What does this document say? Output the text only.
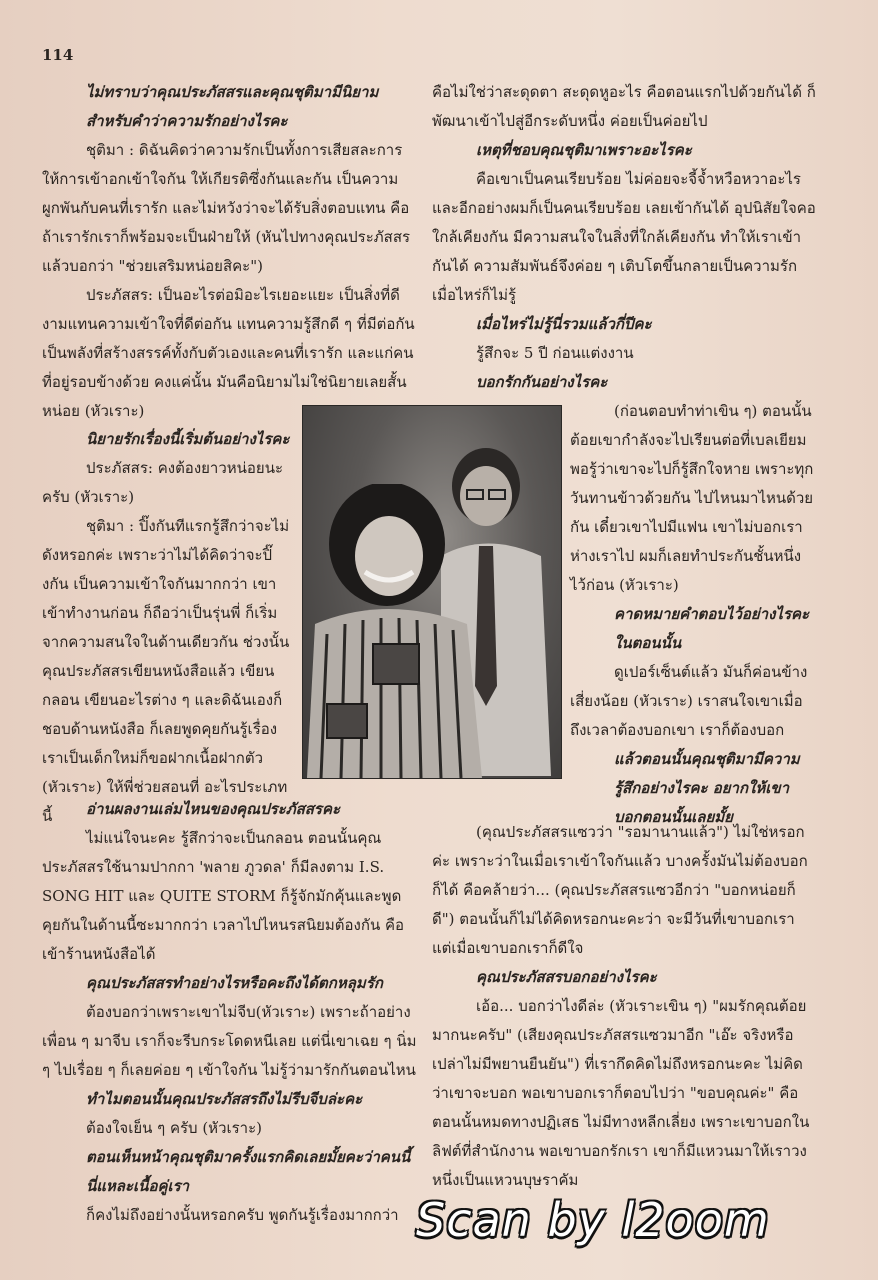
114

ไม่ทราบว่าคุณประภัสสรและคุณชุติมามีนิยามสำหรับคำว่าความรักอย่างไรคะ

ชุติมา : ดิฉันคิดว่าความรักเป็นทั้งการเสียสละการให้การเข้าอกเข้าใจกัน ให้เกียรติซึ่งกันและกัน เป็นความผูกพันกับคนที่เรารัก และไม่หวังว่าจะได้รับสิ่งตอบแทน คือถ้าเรารักเราก็พร้อมจะเป็นฝ่ายให้ (หันไปทางคุณประภัสสรแล้วบอกว่า "ช่วยเสริมหน่อยสิคะ")

ประภัสสร: เป็นอะไรต่อมิอะไรเยอะแยะ เป็นสิ่งที่ดีงามแทนความเข้าใจที่ดีต่อกัน แทนความรู้สึกดี ๆ ที่มีต่อกันเป็นพลังที่สร้างสรรค์ทั้งกับตัวเองและคนที่เรารัก และแก่คนที่อยู่รอบข้างด้วย คงแค่นั้น มันคือนิยามไม่ใช่นิยายเลยสั้นหน่อย (หัวเราะ)

นิยายรักเรื่องนี้เริ่มต้นอย่างไรคะ

ประภัสสร: คงต้องยาวหน่อยนะครับ (หัวเราะ)

ชุติมา : ปิ๊งกันทีแรกรู้สึกว่าจะไม่ดังหรอกค่ะ เพราะว่าไม่ได้คิดว่าจะปิ๊งกัน เป็นความเข้าใจกันมากกว่า เขาเข้าทำงานก่อน ก็ถือว่าเป็นรุ่นพี่ ก็เริ่มจากความสนใจในด้านเดียวกัน ช่วงนั้นคุณประภัสสรเขียนหนังสือแล้ว เขียนกลอน เขียนอะไรต่าง ๆ และดิฉันเองก็ชอบด้านหนังสือ ก็เลยพูดคุยกันรู้เรื่องเราเป็นเด็กใหม่ก็ขอฝากเนื้อฝากตัว (หัวเราะ) ให้พี่ช่วยสอนที่ อะไรประเภทนี้	อ่านผลงานเล่มไหนของคุณประภัสสรคะ

ไม่แน่ใจนะคะ รู้สึกว่าจะเป็นกลอน ตอนนั้นคุณประภัสสรใช้นามปากกา 'พลาย ภูวดล' ก็มีลงตาม I.S. SONG HIT และ QUITE STORM ก็รู้จักมักคุ้นและพูดคุยกันในด้านนี้ซะมากกว่า เวลาไปไหนรสนิยมต้องกัน คือเข้าร้านหนังสือได้

คุณประภัสสรทำอย่างไรหรือคะถึงได้ตกหลุมรัก

ต้องบอกว่าเพราะเขาไม่จีบ(หัวเราะ) เพราะถ้าอย่างเพื่อน ๆ มาจีบ เราก็จะรีบกระโดดหนีเลย แต่นี่เขาเฉย ๆ นิ่ม ๆ ไปเรื่อย ๆ ก็เลยค่อย ๆ เข้าใจกัน ไม่รู้ว่ามารักกันตอนไหน

ทำไมตอนนั้นคุณประภัสสรถึงไม่รีบจีบล่ะคะ

ต้องใจเย็น ๆ ครับ (หัวเราะ)

ตอนเห็นหน้าคุณชุติมาครั้งแรกคิดเลยมั้ยคะว่าคนนี้นี่แหละเนื้อคู่เรา

ก็คงไม่ถึงอย่างนั้นหรอกครับ พูดกันรู้เรื่องมากกว่า

คือไม่ใช่ว่าสะดุดตา สะดุดหูอะไร คือตอนแรกไปด้วยกันได้ ก็พัฒนาเข้าไปสู่อีกระดับหนึ่ง ค่อยเป็นค่อยไป

เหตุที่ชอบคุณชุติมาเพราะอะไรคะ

คือเขาเป็นคนเรียบร้อย ไม่ค่อยจะจี้จ้ำหวือหวาอะไร และอีกอย่างผมก็เป็นคนเรียบร้อย เลยเข้ากันได้ อุปนิสัยใจคอใกล้เคียงกัน มีความสนใจในสิ่งที่ใกล้เคียงกัน ทำให้เราเข้ากันได้ ความสัมพันธ์จึงค่อย ๆ เติบโตขึ้นกลายเป็นความรักเมื่อไหร่ก็ไม่รู้

เมื่อไหร่ไม่รู้นี่รวมแล้วกี่ปีคะ

รู้สึกจะ 5 ปี ก่อนแต่งงาน

บอกรักกันอย่างไรคะ

(ก่อนตอบทำท่าเขิน ๆ) ตอนนั้นต้อยเขากำลังจะไปเรียนต่อที่เบลเยียม พอรู้ว่าเขาจะไปก็รู้สึกใจหาย เพราะทุกวันทานข้าวด้วยกัน ไปไหนมาไหนด้วยกัน เดี๋ยวเขาไปมีแฟน เขาไม่บอกเรา ห่างเราไป ผมก็เลยทำประกันชั้นหนึ่งไว้ก่อน (หัวเราะ)

คาดหมายคำตอบไว้อย่างไรคะในตอนนั้น

ดูเปอร์เซ็นต์แล้ว มันก็ค่อนข้างเสี่ยงน้อย (หัวเราะ) เราสนใจเขาเมื่อถึงเวลาต้องบอกเขา เราก็ต้องบอก

แล้วตอนนั้นคุณชุติมามีความรู้สึกอย่างไรคะ อยากให้เขาบอกตอนนั้นเลยมั้ย

(คุณประภัสสรแซวว่า "รอมานานแล้ว") ไม่ใช่หรอกค่ะ เพราะว่าในเมื่อเราเข้าใจกันแล้ว บางครั้งมันไม่ต้องบอกก็ได้ คือคล้ายว่า... (คุณประภัสสรแซวอีกว่า "บอกหน่อยก็ดี") ตอนนั้นก็ไม่ได้คิดหรอกนะคะว่า จะมีวันที่เขาบอกเรา แต่เมื่อเขาบอกเราก็ดีใจ

คุณประภัสสรบอกอย่างไรคะ

เอ้อ... บอกว่าไงดีล่ะ (หัวเราะเขิน ๆ) "ผมรักคุณต้อยมากนะครับ" (เสียงคุณประภัสสรแซวมาอีก "เอ๊ะ จริงหรือเปล่าไม่มีพยานยืนยัน") ที่เรากึดคิดไม่ถึงหรอกนะคะ ไม่คิดว่าเขาจะบอก พอเขาบอกเราก็ตอบไปว่า "ขอบคุณค่ะ" คือตอนนั้นหมดทางปฏิเสธ ไม่มีทางหลีกเลี่ยง เพราะเขาบอกในลิฟต์ที่สำนักงาน พอเขาบอกรักเรา เขาก็มีแหวนมาให้เราวงหนึ่งเป็นแหวนบุษราคัม

Scan by l2oom
